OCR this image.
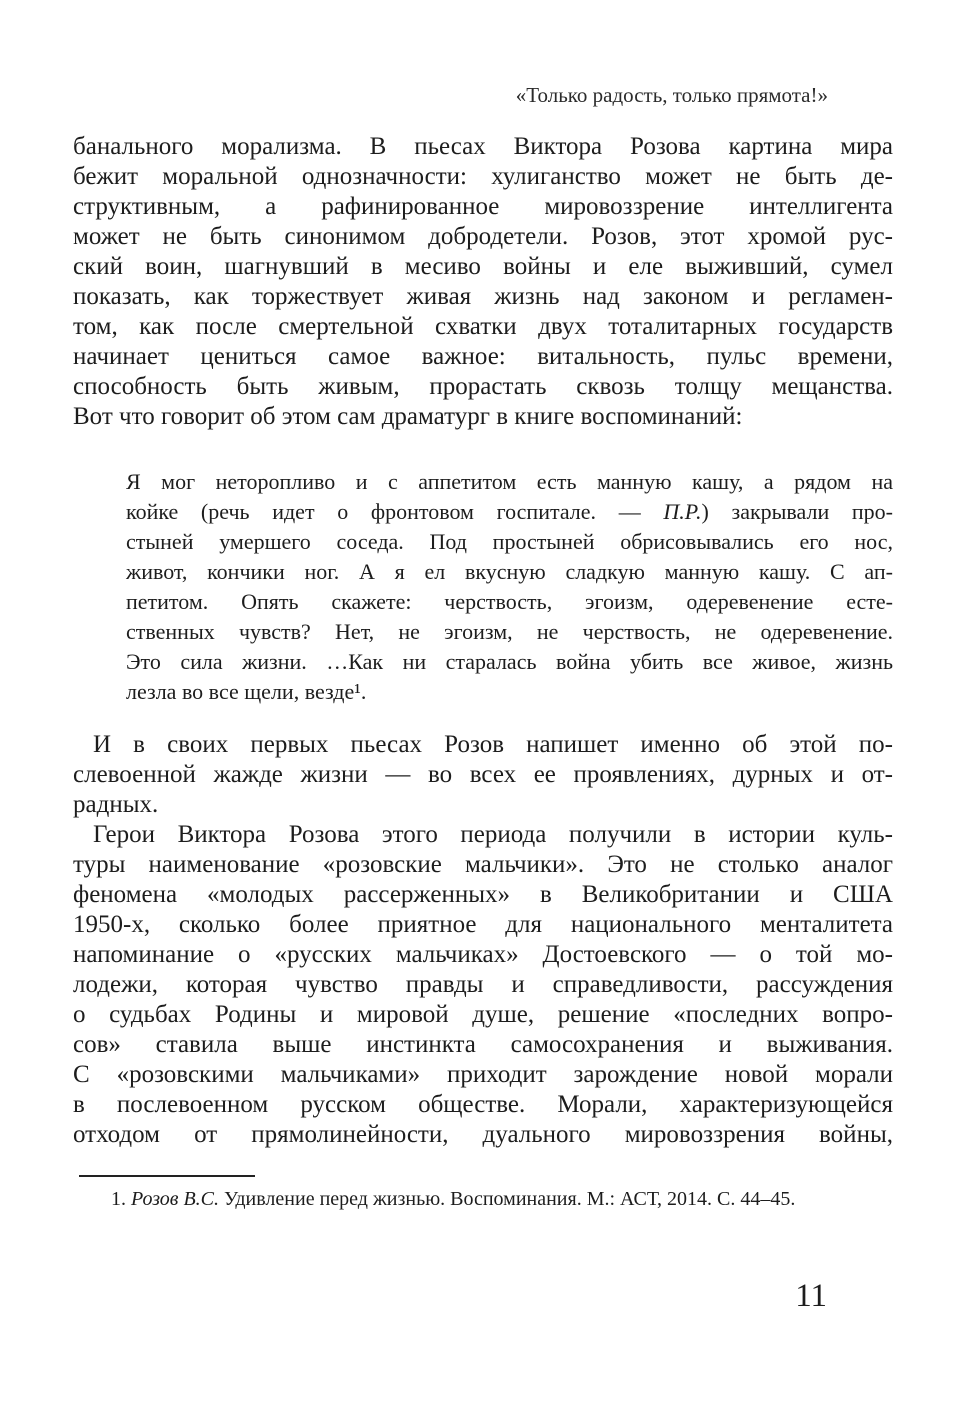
«Только радость, только прямота!»
банального морализма. В пьесах Виктора Розова картина мира
бежит моральной однозначности: хулиганство может не быть де-
структивным, а рафинированное мировоззрение интеллигента
может не быть синонимом добродетели. Розов, этот хромой рус-
ский воин, шагнувший в месиво войны и еле выживший, сумел
показать, как торжествует живая жизнь над законом и регламен-
том, как после смертельной схватки двух тоталитарных государств
начинает цениться самое важное: витальность, пульс времени,
способность быть живым, прорастать сквозь толщу мещанства.
Вот что говорит об этом сам драматург в книге воспоминаний:
Я мог неторопливо и с аппетитом есть манную кашу, а рядом на
койке (речь идет о фронтовом госпитале. — П.Р.) закрывали про-
стыней умершего соседа. Под простыней обрисовывались его нос,
живот, кончики ног. А я ел вкусную сладкую манную кашу. С ап-
петитом. Опять скажете: черствость, эгоизм, одеревенение есте-
ственных чувств? Нет, не эгоизм, не черствость, не одеревенение.
Это сила жизни. …Как ни старалась война убить все живое, жизнь
лезла во все щели, везде¹.
И в своих первых пьесах Розов напишет именно об этой по-
слевоенной жажде жизни — во всех ее проявлениях, дурных и от-
радных.
Герои Виктора Розова этого периода получили в истории куль-
туры наименование «розовские мальчики». Это не столько аналог
феномена «молодых рассерженных» в Великобритании и США
1950-х, сколько более приятное для национального менталитета
напоминание о «русских мальчиках» Достоевского — о той мо-
лодежи, которая чувство правды и справедливости, рассуждения
о судьбах Родины и мировой душе, решение «последних вопро-
сов» ставила выше инстинкта самосохранения и выживания.
С «розовскими мальчиками» приходит зарождение новой морали
в послевоенном русском обществе. Морали, характеризующейся
отходом от прямолинейности, дуального мировоззрения войны,
1. Розов В.С. Удивление перед жизнью. Воспоминания. М.: АСТ, 2014. С. 44–45.
11
